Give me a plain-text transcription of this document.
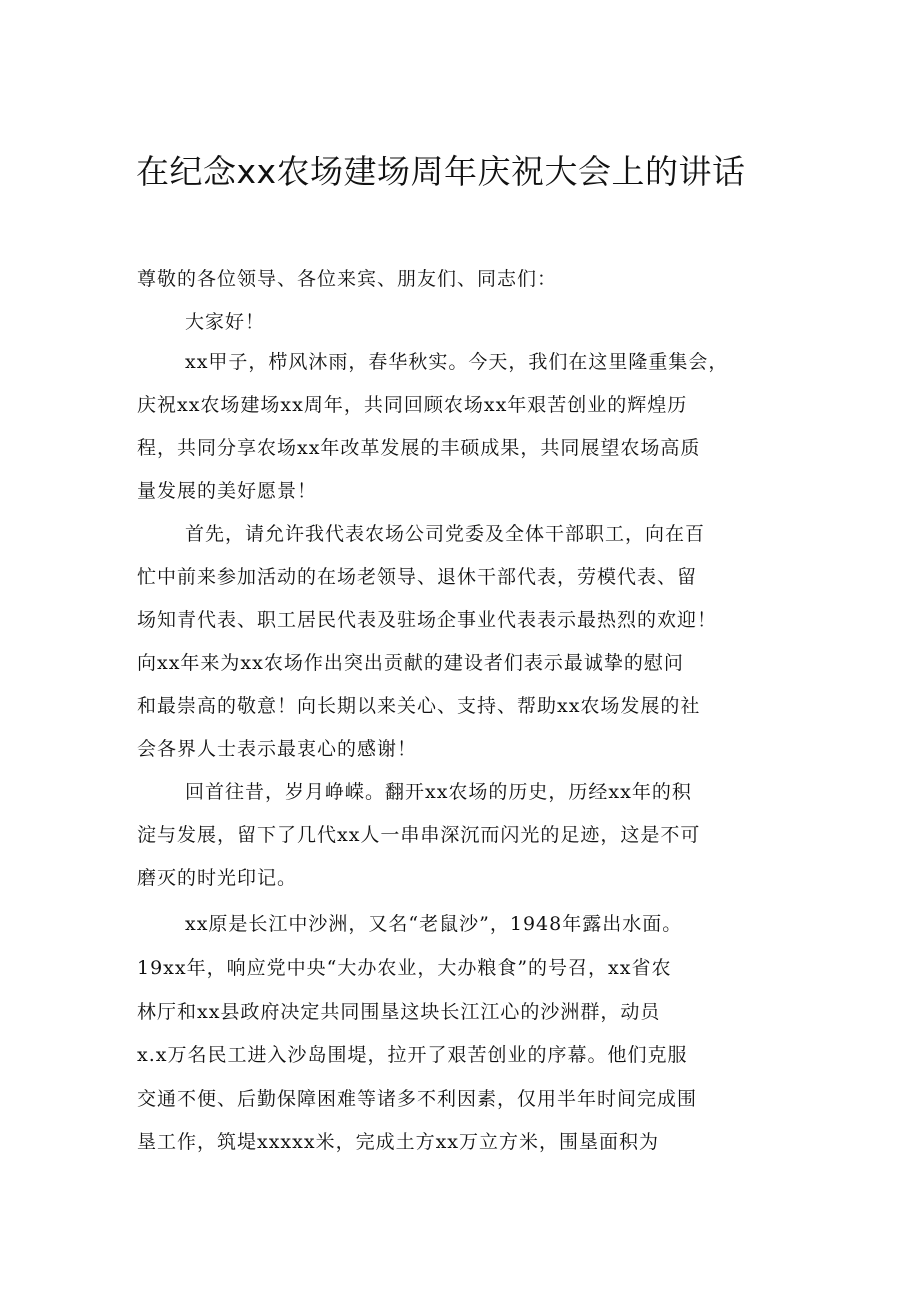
在纪念xx农场建场周年庆祝大会上的讲话
尊敬的各位领导、各位来宾、朋友们、同志们：
大家好！
xx甲子，栉风沐雨，春华秋实。今天，我们在这里隆重集会，
庆祝xx农场建场xx周年，共同回顾农场xx年艰苦创业的辉煌历
程，共同分享农场xx年改革发展的丰硕成果，共同展望农场高质
量发展的美好愿景！
首先，请允许我代表农场公司党委及全体干部职工，向在百
忙中前来参加活动的在场老领导、退休干部代表，劳模代表、留
场知青代表、职工居民代表及驻场企事业代表表示最热烈的欢迎！
向xx年来为xx农场作出突出贡献的建设者们表示最诚挚的慰问
和最崇高的敬意！向长期以来关心、支持、帮助xx农场发展的社
会各界人士表示最衷心的感谢！
回首往昔，岁月峥嵘。翻开xx农场的历史，历经xx年的积
淀与发展，留下了几代xx人一串串深沉而闪光的足迹，这是不可
磨灭的时光印记。
xx原是长江中沙洲，又名“老鼠沙”，1948年露出水面。
19xx年，响应党中央“大办农业，大办粮食”的号召，xx省农
林厅和xx县政府决定共同围垦这块长江江心的沙洲群，动员
x.x万名民工进入沙岛围堤，拉开了艰苦创业的序幕。他们克服
交通不便、后勤保障困难等诸多不利因素，仅用半年时间完成围
垦工作，筑堤xxxxx米，完成土方xx万立方米，围垦面积为
